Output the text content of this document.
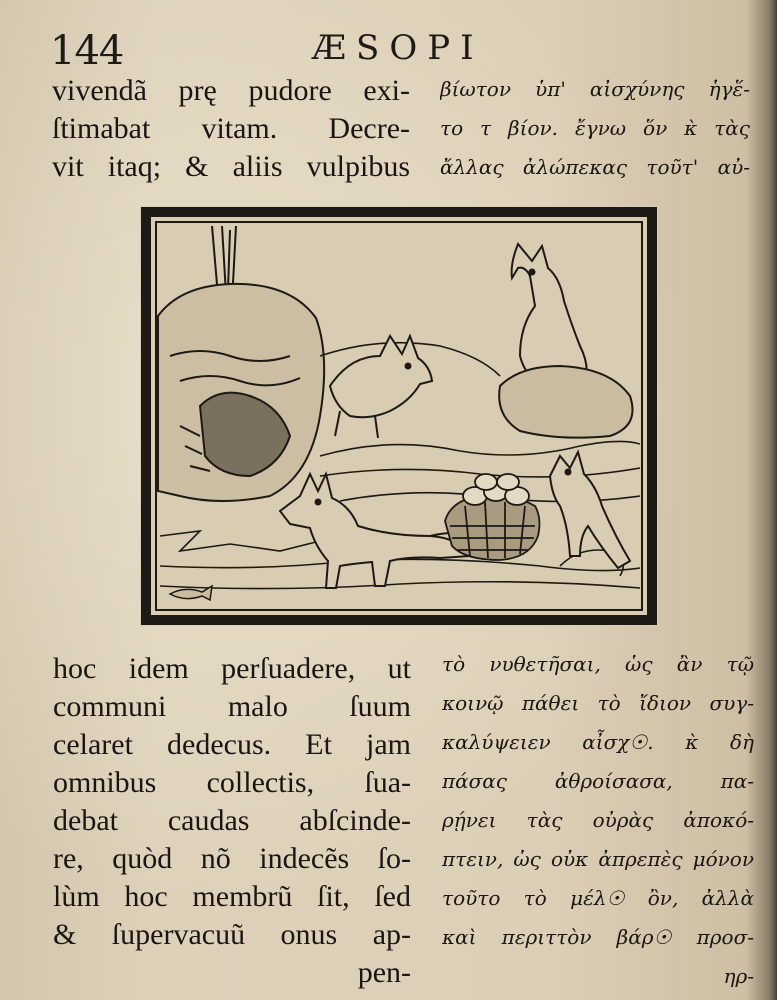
144	ÆSOPI
vivendã prę pudore exi-
ſtimabat vitam. Decre-
vit itaq; & aliis vulpibus
βίωτον ὑπ' αἰσχύνης ἡγἕ-
το τ βίον. ἔγνω ὅν κ̀ τὰς
ἄλλας ἀλώπεκας τοῦτ' αὐ-
hoc idem perſuadere, ut
communi malo ſuum
celaret dedecus. Et jam
omnibus collectis, ſua-
debat caudas abſcinde-
re, quòd nõ indecẽs ſo-
lùm hoc membrũ ſit, ſed
& ſupervacuũ onus ap-
pen-
τὸ νυθετῆσαι, ὡς ἂν τῷ
κοινῷ πάθει τὸ ἴδιον συγ-
καλύψειεν αἶσχ☉. κ̀ δὴ
πάσας ἀθροίσασα, πα-
ρῄνει τὰς οὐρὰς ἀποκό-
πτειν, ὡς οὐκ ἀπρεπὲς μόνον
τοῦτο τὸ μέλ☉ ὂν, ἀλλὰ
καὶ περιττὸν βάρ☉ προσ-
ηρ-
